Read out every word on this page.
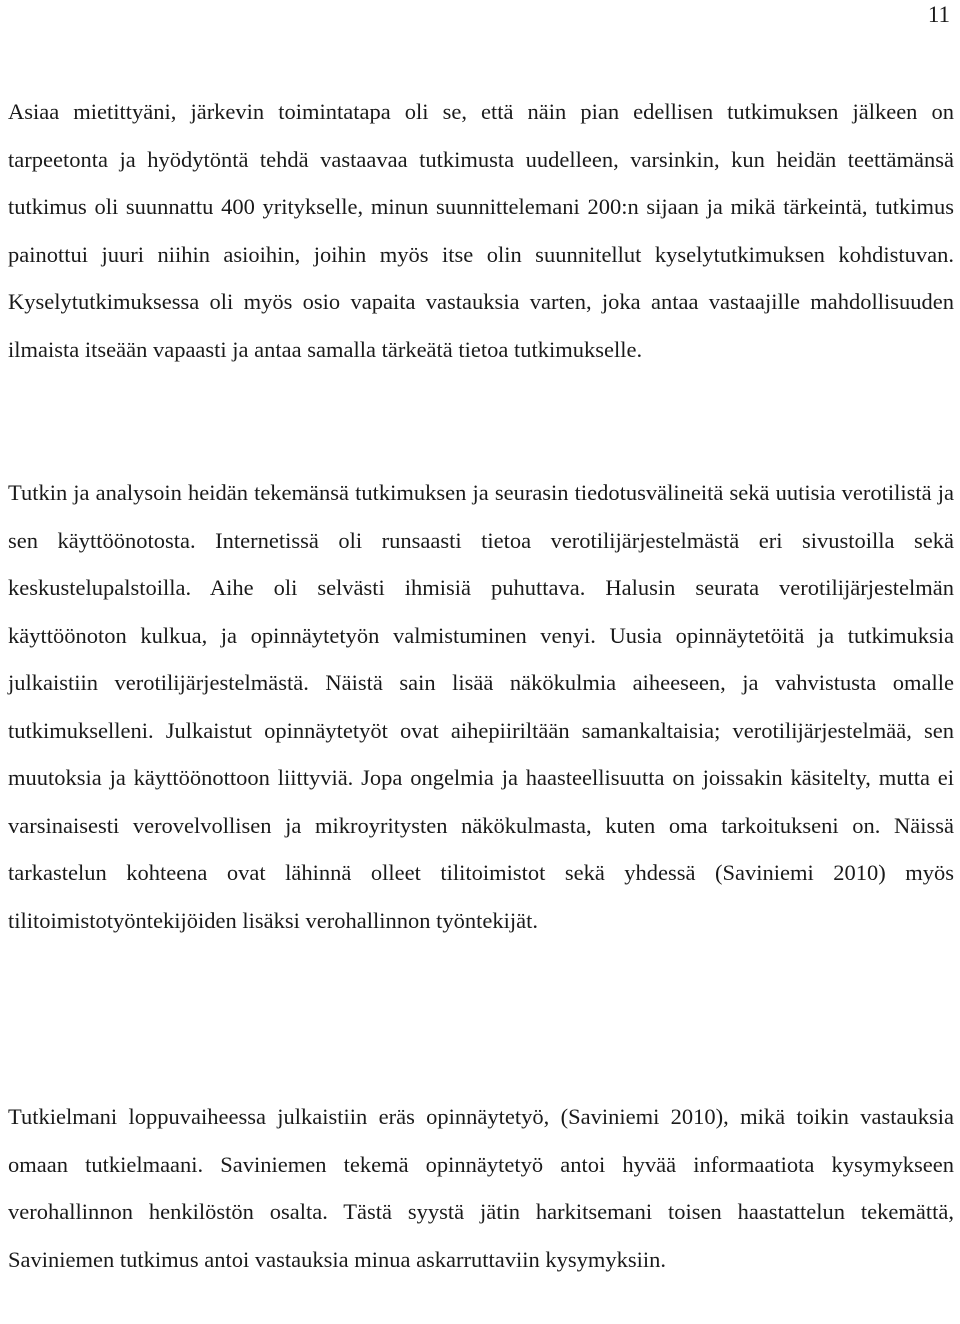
11

Asiaa mietittyäni, järkevin toimintatapa oli se, että näin pian edellisen tutkimuksen jälkeen on tarpeetonta ja hyödytöntä tehdä vastaavaa tutkimusta uudelleen, varsinkin, kun heidän teettämänsä tutkimus oli suunnattu 400 yritykselle, minun suunnittelemani 200:n sijaan ja mikä tärkeintä, tutkimus painottui juuri niihin asioihin, joihin myös itse olin suunnitellut kyselytutkimuksen kohdistuvan. Kyselytutkimuksessa oli myös osio vapaita vastauksia varten, joka antaa vastaajille mahdollisuuden ilmaista itseään vapaasti ja antaa samalla tärkeätä tietoa tutkimukselle.

Tutkin ja analysoin heidän tekemänsä tutkimuksen ja seurasin tiedotusvälineitä sekä uutisia verotilistä ja sen käyttöönotosta. Internetissä oli runsaasti tietoa verotilijärjestelmästä eri sivustoilla sekä keskustelupalstoilla. Aihe oli selvästi ihmisiä puhuttava. Halusin seurata verotilijärjestelmän käyttöönoton kulkua, ja opinnäytetyön valmistuminen venyi. Uusia opinnäytetöitä ja tutkimuksia julkaistiin verotilijärjestelmästä. Näistä sain lisää näkökulmia aiheeseen, ja vahvistusta omalle tutkimukselleni. Julkaistut opinnäytetyöt ovat aihepiiriltään samankaltaisia; verotilijärjestelmää, sen muutoksia ja käyttöönottoon liittyviä. Jopa ongelmia ja haasteellisuutta on joissakin käsitelty, mutta ei varsinaisesti verovelvollisen ja mikroyritysten näkökulmasta, kuten oma tarkoitukseni on. Näissä tarkastelun kohteena ovat lähinnä olleet tilitoimistot sekä yhdessä (Saviniemi 2010) myös tilitoimistotyöntekijöiden lisäksi verohallinnon työntekijät.

Tutkielmani loppuvaiheessa julkaistiin eräs opinnäytetyö, (Saviniemi 2010), mikä toikin vastauksia omaan tutkielmaani. Saviniemen tekemä opinnäytetyö antoi hyvää informaatiota kysymykseen verohallinnon henkilöstön osalta. Tästä syystä jätin harkitsemani toisen haastattelun tekemättä, Saviniemen tutkimus antoi vastauksia minua askarruttaviin kysymyksiin.
